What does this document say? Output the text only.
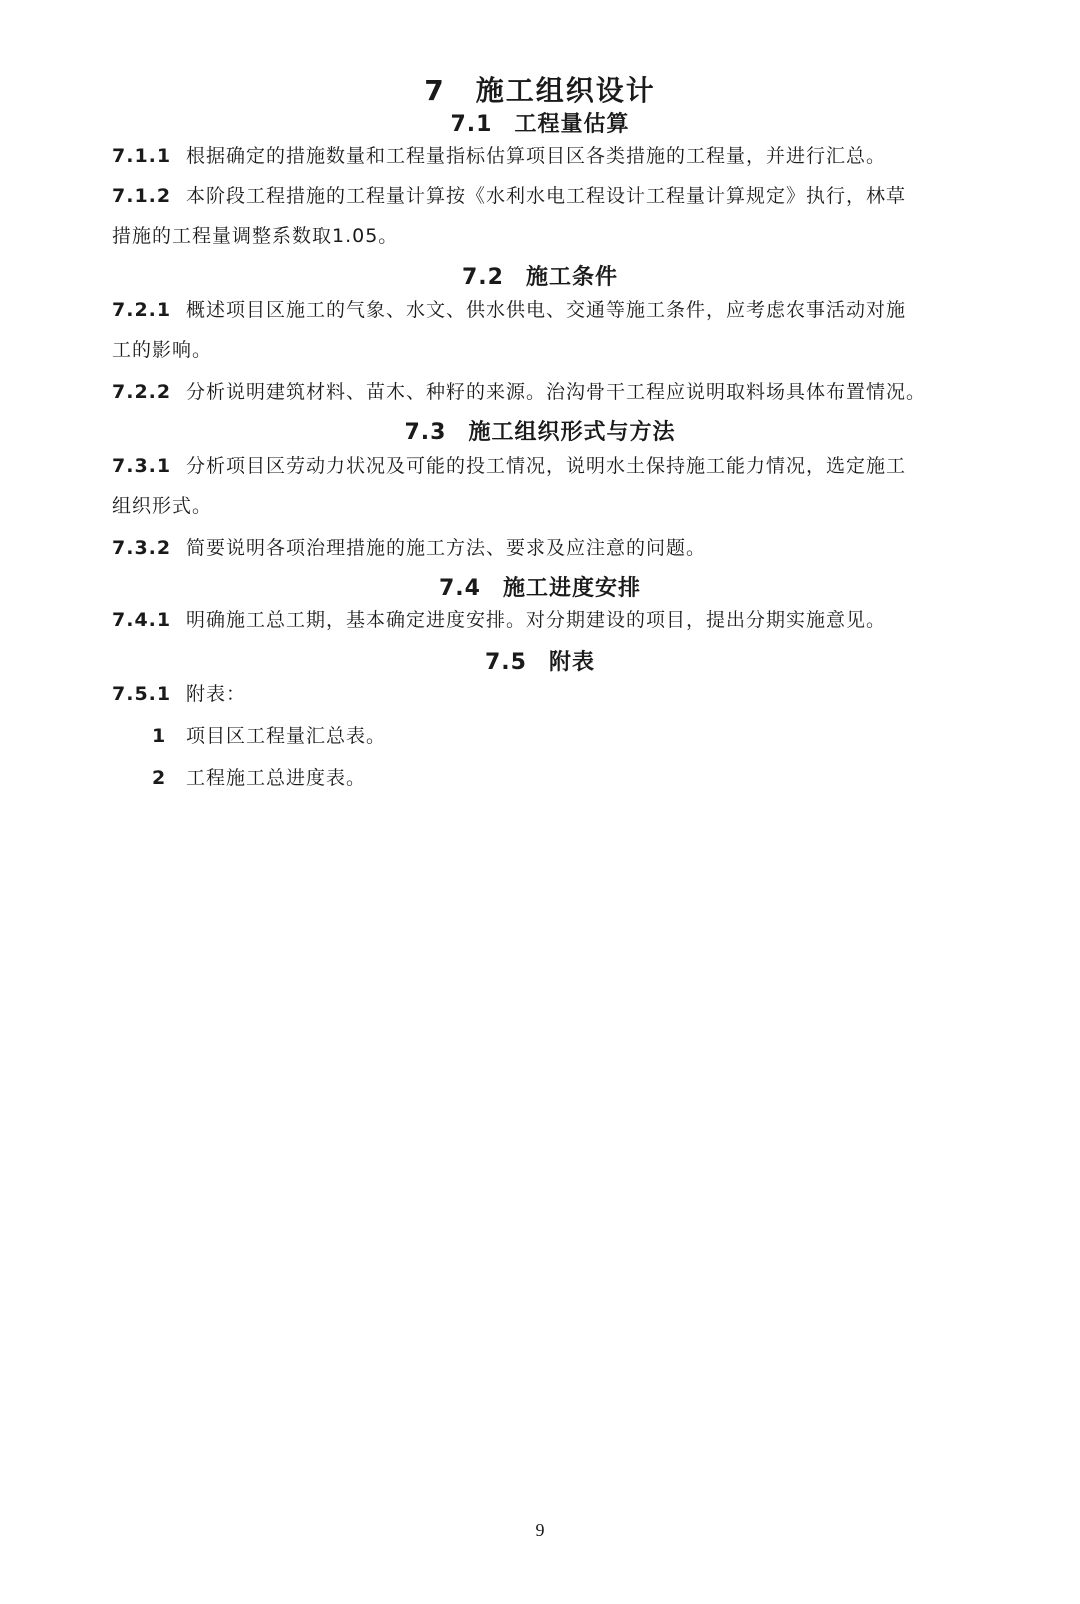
7 施工组织设计
7.1 工程量估算
7.1.1 根据确定的措施数量和工程量指标估算项目区各类措施的工程量，并进行汇总。
7.1.2 本阶段工程措施的工程量计算按《水利水电工程设计工程量计算规定》执行，林草
措施的工程量调整系数取1.05。
7.2 施工条件
7.2.1 概述项目区施工的气象、水文、供水供电、交通等施工条件，应考虑农事活动对施
工的影响。
7.2.2 分析说明建筑材料、苗木、种籽的来源。治沟骨干工程应说明取料场具体布置情况。
7.3 施工组织形式与方法
7.3.1 分析项目区劳动力状况及可能的投工情况，说明水土保持施工能力情况，选定施工
组织形式。
7.3.2 简要说明各项治理措施的施工方法、要求及应注意的问题。
7.4 施工进度安排
7.4.1 明确施工总工期，基本确定进度安排。对分期建设的项目，提出分期实施意见。
7.5 附表
7.5.1 附表：
1 项目区工程量汇总表。
2 工程施工总进度表。
9
